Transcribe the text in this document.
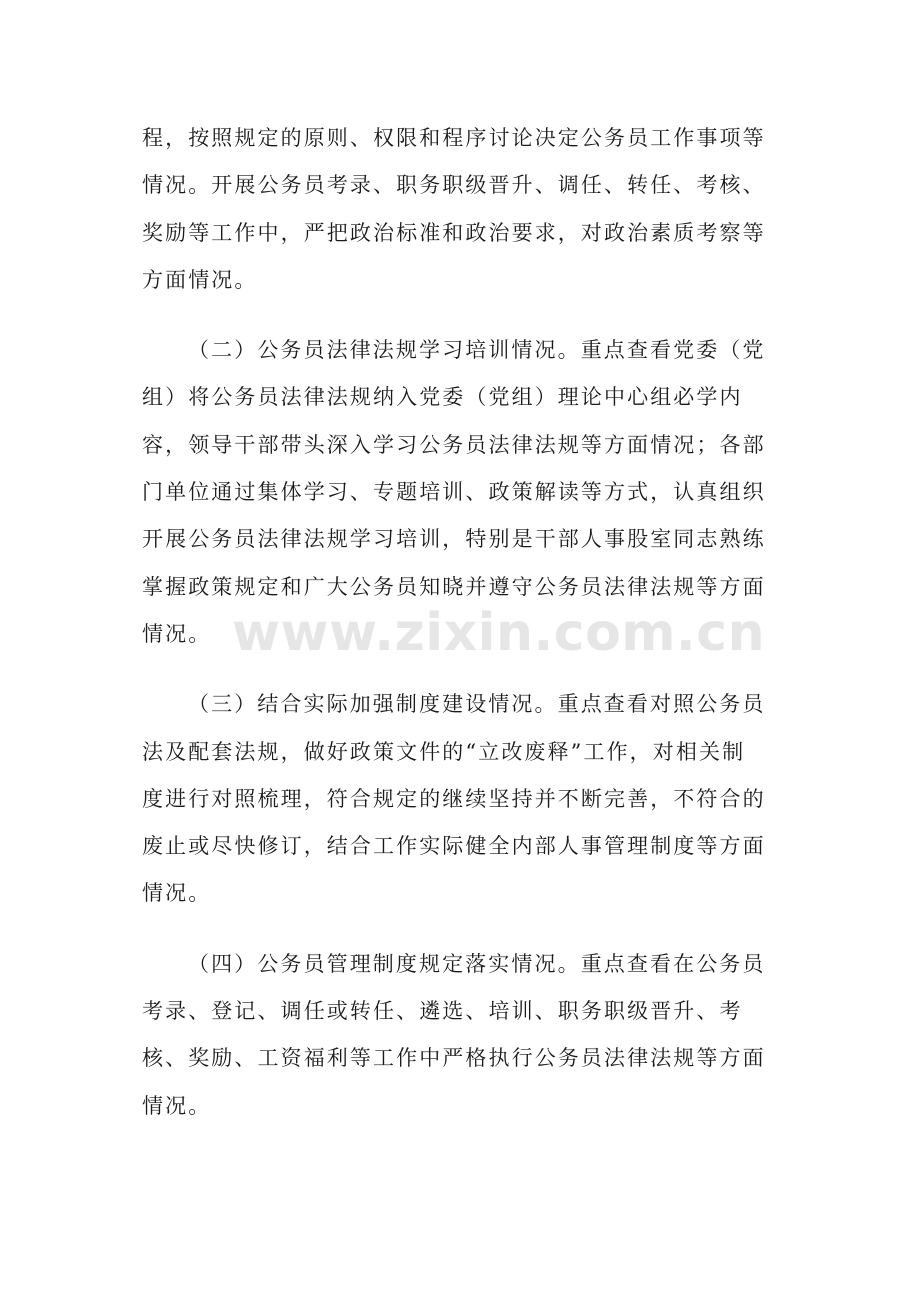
程，按照规定的原则、权限和程序讨论决定公务员工作事项等
情况。开展公务员考录、职务职级晋升、调任、转任、考核、
奖励等工作中，严把政治标准和政治要求，对政治素质考察等
方面情况。
（二）公务员法律法规学习培训情况。重点查看党委（党
组）将公务员法律法规纳入党委（党组）理论中心组必学内
容，领导干部带头深入学习公务员法律法规等方面情况；各部
门单位通过集体学习、专题培训、政策解读等方式，认真组织
开展公务员法律法规学习培训，特别是干部人事股室同志熟练
掌握政策规定和广大公务员知晓并遵守公务员法律法规等方面
情况。
（三）结合实际加强制度建设情况。重点查看对照公务员
法及配套法规，做好政策文件的“立改废释”工作，对相关制
度进行对照梳理，符合规定的继续坚持并不断完善，不符合的
废止或尽快修订，结合工作实际健全内部人事管理制度等方面
情况。
（四）公务员管理制度规定落实情况。重点查看在公务员
考录、登记、调任或转任、遴选、培训、职务职级晋升、考
核、奖励、工资福利等工作中严格执行公务员法律法规等方面
情况。
www.zixin.com.cn
